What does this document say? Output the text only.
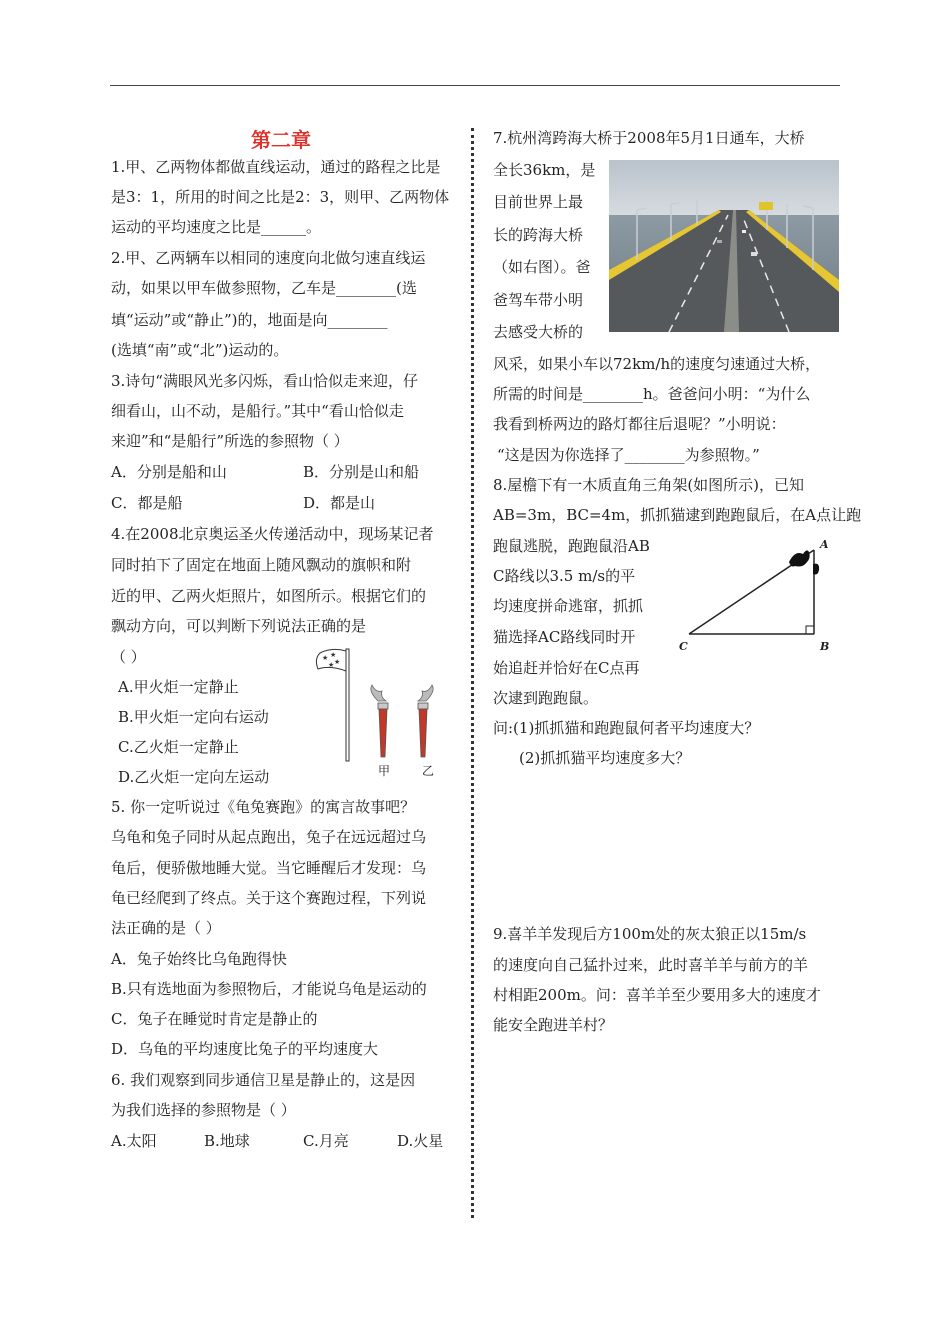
第二章
1.甲、乙两物体都做直线运动，通过的路程之比是
是3：1，所用的时间之比是2：3，则甲、乙两物体
运动的平均速度之比是______。
2.甲、乙两辆车以相同的速度向北做匀速直线运
动，如果以甲车做参照物，乙车是________(选
填“运动”或“静止”)的，地面是向________
(选填“南”或“北”)运动的。
3.诗句“满眼风光多闪烁，看山恰似走来迎，仔
细看山，山不动，是船行。”其中“看山恰似走
来迎”和“是船行”所选的参照物（ ）
A．分别是船和山	B．分别是山和船
C．都是船	D．都是山
4.在2008北京奥运圣火传递活动中，现场某记者
同时拍下了固定在地面上随风飘动的旗帜和附
近的甲、乙两火炬照片，如图所示。根据它们的
飘动方向，可以判断下列说法正确的是
（ ）
A.甲火炬一定静止
B.甲火炬一定向右运动
C.乙火炬一定静止
D.乙火炬一定向左运动
5. 你一定听说过《龟兔赛跑》的寓言故事吧？
乌龟和兔子同时从起点跑出，兔子在远远超过乌
龟后，便骄傲地睡大觉。当它睡醒后才发现：乌
龟已经爬到了终点。关于这个赛跑过程，下列说
法正确的是（ ）
A．兔子始终比乌龟跑得快
B.只有选地面为参照物后，才能说乌龟是运动的
C．兔子在睡觉时肯定是静止的
D．乌龟的平均速度比兔子的平均速度大
6. 我们观察到同步通信卫星是静止的，这是因
为我们选择的参照物是（ ）
A.太阳	B.地球	C.月亮	D.火星
7.杭州湾跨海大桥于2008年5月1日通车，大桥
全长36km，是
目前世界上最
长的跨海大桥
（如右图）。爸
爸驾车带小明
去感受大桥的
风采，如果小车以72km/h的速度匀速通过大桥，
所需的时间是________h。爸爸问小明：“为什么
我看到桥两边的路灯都往后退呢？”小明说：
“这是因为你选择了________为参照物。”
8.屋檐下有一木质直角三角架(如图所示)，已知
AB=3m，BC=4m，抓抓猫逮到跑跑鼠后，在A点让跑
跑鼠逃脱，跑跑鼠沿AB
C路线以3.5 m/s的平
均速度拼命逃窜，抓抓
猫选择AC路线同时开
始追赶并恰好在C点再
次逮到跑跑鼠。
问:(1)抓抓猫和跑跑鼠何者平均速度大？
(2)抓抓猫平均速度多大？
9.喜羊羊发现后方100m处的灰太狼正以15m/s
的速度向自己猛扑过来，此时喜羊羊与前方的羊
村相距200m。问：喜羊羊至少要用多大的速度才
能安全跑进羊村？
★ ★
★
★
甲	乙
A
B
C
